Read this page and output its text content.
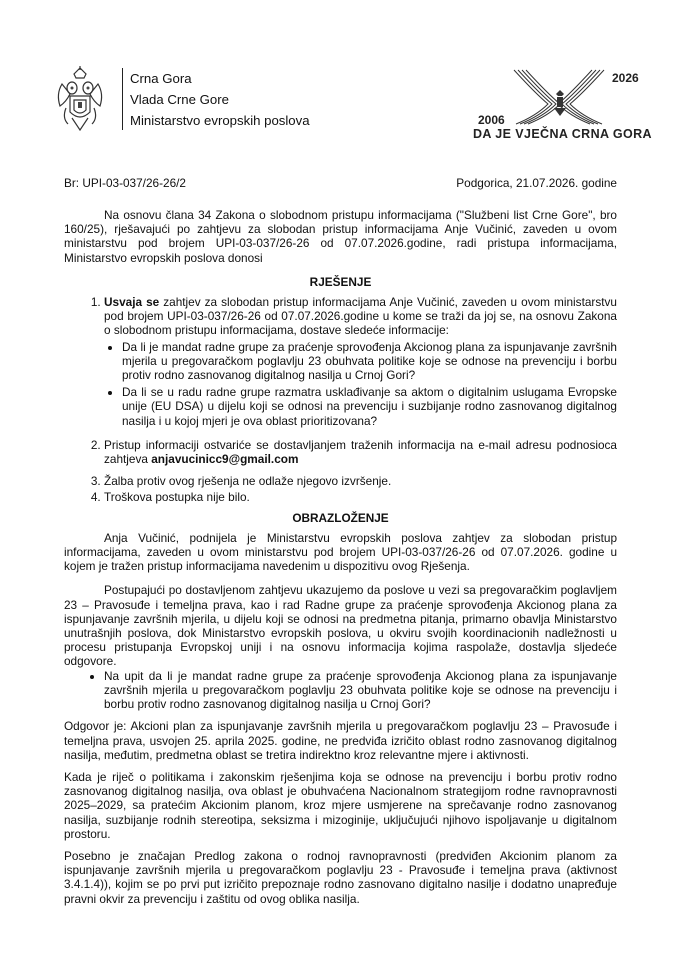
Crna Gora
Vlada Crne Gore
Ministarstvo evropskih poslova
2026
2006
DA JE VJEČNA CRNA GORA
Br: UPI-03-037/26-26/2	Podgorica, 21.07.2026. godine

Na osnovu člana 34 Zakona o slobodnom pristupu informacijama ("Službeni list Crne Gore", bro 160/25), rješavajući po zahtjevu za slobodan pristup informacijama Anje Vučinić, zaveden u ovom ministarstvu pod brojem UPI-03-037/26-26 od 07.07.2026.godine, radi pristupa informacijama, Ministarstvo evropskih poslova donosi

RJEŠENJE
1. Usvaja se zahtjev za slobodan pristup informacijama Anje Vučinić, zaveden u ovom ministarstvu pod brojem UPI-03-037/26-26 od 07.07.2026.godine u kome se traži da joj se, na osnovu Zakona o slobodnom pristupu informacijama, dostave sledeće informacije:
• Da li je mandat radne grupe za praćenje sprovođenja Akcionog plana za ispunjavanje završnih mjerila u pregovaračkom poglavlju 23 obuhvata politike koje se odnose na prevenciju i borbu protiv rodno zasnovanog digitalnog nasilja u Crnoj Gori?
• Da li se u radu radne grupe razmatra usklađivanje sa aktom o digitalnim uslugama Evropske unije (EU DSA) u dijelu koji se odnosi na prevenciju i suzbijanje rodno zasnovanog digitalnog nasilja i u kojoj mjeri je ova oblast prioritizovana?
2. Pristup informaciji ostvariće se dostavljanjem traženih informacija na e-mail adresu podnosioca zahtjeva anjavucinicc9@gmail.com
3. Žalba protiv ovog rješenja ne odlaže njegovo izvršenje.
4. Troškova postupka nije bilo.
OBRAZLOŽENJE

Anja Vučinić, podnijela je Ministarstvu evropskih poslova zahtjev za slobodan pristup informacijama, zaveden u ovom ministarstvu pod brojem UPI-03-037/26-26 od 07.07.2026. godine u kojem je tražen pristup informacijama navedenim u dispozitivu ovog Rješenja.

Postupajući po dostavljenom zahtjevu ukazujemo da poslove u vezi sa pregovaračkim poglavljem 23 – Pravosuđe i temeljna prava, kao i rad Radne grupe za praćenje sprovođenja Akcionog plana za ispunjavanje završnih mjerila, u dijelu koji se odnosi na predmetna pitanja, primarno obavlja Ministarstvo unutrašnjih poslova, dok Ministarstvo evropskih poslova, u okviru svojih koordinacionih nadležnosti u procesu pristupanja Evropskoj uniji i na osnovu informacija kojima raspolaže, dostavlja sljedeće odgovore.

• Na upit da li je mandat radne grupe za praćenje sprovođenja Akcionog plana za ispunjavanje završnih mjerila u pregovaračkom poglavlju 23 obuhvata politike koje se odnose na prevenciju i borbu protiv rodno zasnovanog digitalnog nasilja u Crnoj Gori?

Odgovor je: Akcioni plan za ispunjavanje završnih mjerila u pregovaračkom poglavlju 23 – Pravosuđe i temeljna prava, usvojen 25. aprila 2025. godine, ne predviđa izričito oblast rodno zasnovanog digitalnog nasilja, međutim, predmetna oblast se tretira indirektno kroz relevantne mjere i aktivnosti.

Kada je riječ o politikama i zakonskim rješenjima koja se odnose na prevenciju i borbu protiv rodno zasnovanog digitalnog nasilja, ova oblast je obuhvaćena Nacionalnom strategijom rodne ravnopravnosti 2025–2029, sa pratećim Akcionim planom, kroz mjere usmjerene na sprečavanje rodno zasnovanog nasilja, suzbijanje rodnih stereotipa, seksizma i mizoginije, uključujući njihovo ispoljavanje u digitalnom prostoru.

Posebno je značajan Predlog zakona o rodnoj ravnopravnosti (predviđen Akcionim planom za ispunjavanje završnih mjerila u pregovaračkom poglavlju 23 - Pravosuđe i temeljna prava (aktivnost 3.4.1.4)), kojim se po prvi put izričito prepoznaje rodno zasnovano digitalno nasilje i dodatno unapređuje pravni okvir za prevenciju i zaštitu od ovog oblika nasilja.
